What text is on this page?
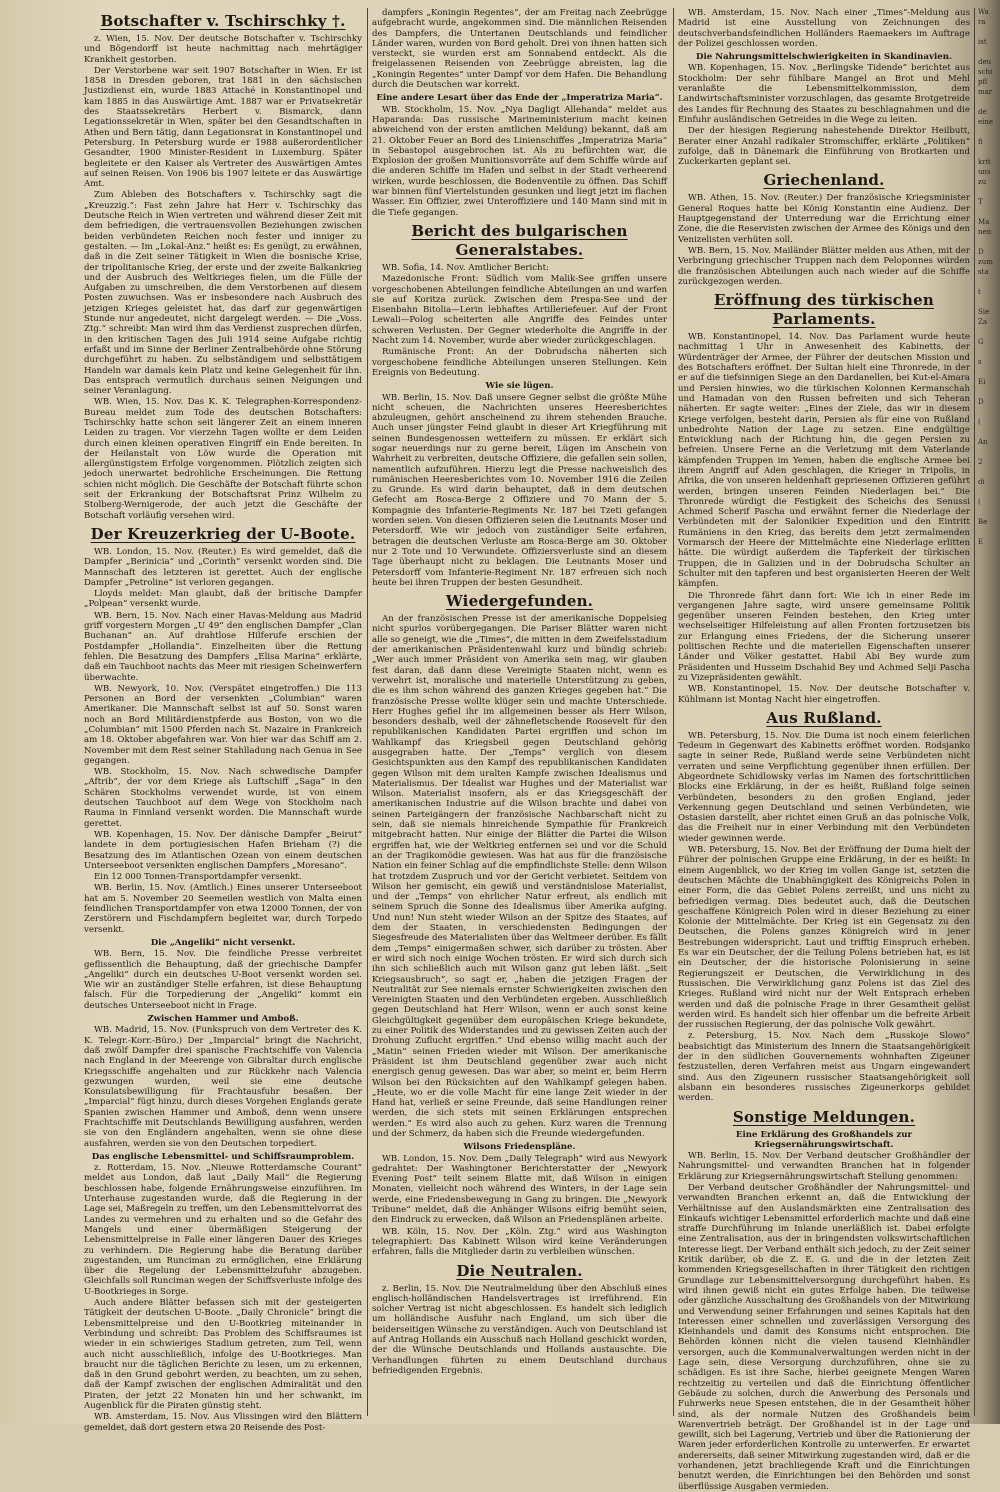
Botschafter v. Tschirschky †.

z. Wien, 15. Nov. Der deutsche Botschafter v. Tschirschky und Bögendorff ist heute nachmittag nach mehrtägiger Krankheit gestorben.

Der Verstorbene war seit 1907 Botschafter in Wien. Er ist 1858 in Dresden geboren, trat 1881 in den sächsischen Justizdienst ein, wurde 1883 Attaché in Konstantinopel und kam 1885 in das Auswärtige Amt. 1887 war er Privatsekretär des Staatssekretärs Herbert v. Bismarck, dann Legationssekretär in Wien, später bei den Gesandtschaften in Athen und Bern tätig, dann Legationsrat in Konstantinopel und Petersburg. In Petersburg wurde er 1988 außerordentlicher Gesandter, 1900 Minister-Resident in Luxemburg. Später begleitete er den Kaiser als Vertreter des Auswärtigen Amtes auf seinen Reisen. Von 1906 bis 1907 leitete er das Auswärtige Amt.

Zum Ableben des Botschafters v. Tschirschky sagt die „Kreuzzig.“: Fast zehn Jahre hat Herr v. Tschirschky das Deutsche Reich in Wien vertreten und während dieser Zeit mit dem befriedigen, die vertrauensvollen Beziehungen zwischen beiden verbündeten Reichen noch fester und inniger zu gestalten. — Im „Lokal-Anz.“ heißt es: Es genügt, zu erwähnen, daß in die Zeit seiner Tätigkeit in Wien die bosnische Krise, der tripolitanische Krieg, der erste und der zweite Balkankrieg und der Ausbruch des Weltkrieges fielen, um die Fülle der Aufgaben zu umschreiben, die dem Verstorbenen auf diesem Posten zuwuchsen. Was er insbesondere nach Ausbruch des jetzigen Krieges geleistet hat, das darf zur gegenwärtigen Stunde nur angedeutet, nicht dargelegt werden. — Die „Voss. Ztg.“ schreibt: Man wird ihm das Verdienst zusprechen dürfen, in den kritischen Tagen des Juli 1914 seine Aufgabe richtig erfaßt und im Sinne der Berliner Zentralbehörde ohne Störung durchgeführt zu haben. Zu selbständigem und selbsttätigem Handeln war damals kein Platz und keine Gelegenheit für ihn. Das entsprach vermutlich durchaus seinen Neigungen und seiner Veranlagung.

WB. Wien, 15. Nov. Das K. K. Telegraphen-Korrespondenz-Bureau meldet zum Tode des deutschen Botschafters: Tschirschky hatte schon seit längerer Zeit an einem inneren Leiden zu tragen. Vor vierzehn Tagen wollte er dem Leiden durch einen kleinen operativen Eingriff ein Ende bereiten. In der Heilanstalt von Löw wurde die Operation mit allergünstigstem Erfolge vorgenommen. Plötzlich zeigten sich jedoch unerwartet bedrohliche Erscheinungen. Die Rettung schien nicht möglich. Die Geschäfte der Botschaft führte schon seit der Erkrankung der Botschaftsrat Prinz Wilhelm zu Stolberg-Wernigerode, der auch jetzt die Geschäfte der Botschaft vorläufig versehen wird.

Der Kreuzerkrieg der U-Boote.

WB. London, 15. Nov. (Reuter.) Es wird gemeldet, daß die Dampfer „Berinicia“ und „Corinth“ versenkt worden sind. Die Mannschaft des letzteren ist gerettet. Auch der englische Dampfer „Petroline“ ist verloren gegangen.

Lloyds meldet: Man glaubt, daß der britische Dampfer „Polpean“ versenkt wurde.

WB. Bern, 15. Nov. Nach einer Havas-Meldung aus Madrid griff vorgestern Morgen „U 49“ den englischen Dampfer „Clan Buchanan“ an. Auf drahtlose Hilferufe erschien der Postdampfer „Hollandia“. Einzelheiten über die Rettung fehlen. Die Besatzung des Dampfers „Elisa Marina“ erklärte, daß ein Tauchboot nachts das Meer mit riesigen Scheinwerfern überwachte.

WB. Newyork, 10. Nov. (Verspätet eingetroffen.) Die 113 Personen an Bord der versenkten „Columbian“ waren Amerikaner. Die Mannschaft selbst ist auf 50. Sonst waren noch an Bord Militärdienstpferde aus Boston, von wo die „Columbian“ mit 1500 Pferden nach St. Nazaire in Frankreich am 18. Oktober abgefahren war. Von hier war das Schiff am 2. November mit dem Rest seiner Stahlladung nach Genua in See gegangen.

WB. Stockholm, 15. Nov. Nach schwedische Dampfer „Aftrib“, der vor dem Kriege als Luftschiff „Saga“ in den Schären Stockholms verwendet wurde, ist von einem deutschen Tauchboot auf dem Wege von Stockholm nach Rauma in Finnland versenkt worden. Die Mannschaft wurde gerettet.

WB. Kopenhagen, 15. Nov. Der dänische Dampfer „Beirut“ landete in dem portugiesischen Hafen Brieham (?) die Besatzung des im Atlantischen Ozean von einem deutschen Unterseeboot versenkten englischen Dampfers „Moresano“.

Ein 12 000 Tonnen-Transportdampfer versenkt.

WB. Berlin, 15. Nov. (Amtlich.) Eines unserer Unterseeboot hat am 5. November 20 Seemeilen westlich von Malta einen feindlichen Transportdampfer von etwa 12000 Tonnen, der von Zerstörern und Fischdampfern begleitet war, durch Torpedo versenkt.

Die „Angeliki“ nicht versenkt.

WB. Bern, 15. Nov. Die feindliche Presse verbreitet geflissentlich die Behauptung, daß der griechische Dampfer „Angeliki“ durch ein deutsches U-Boot versenkt worden sei. Wie wir an zuständiger Stelle erfahren, ist diese Behauptung falsch. Für die Torpedierung der „Angeliki“ kommt ein deutsches Unterseeboot nicht in Frage.

Zwischen Hammer und Amboß.

WB. Madrid, 15. Nov. (Funkspruch von dem Vertreter des K. K. Telegr.-Korr.-Büro.) Der „Imparcial“ bringt die Nachricht, daß zwölf Dampfer drei spanische Frachtschiffe von Valencia nach England in der Meerenge von Gibraltar durch englische Kriegsschiffe angehalten und zur Rückkehr nach Valencia gezwungen wurden, weil sie eine deutsche Konsulatsbewilligung für Frachtausfuhr besaßen. Der „Imparcial“ fügt hinzu, durch dieses Vorgehen Englands gerate Spanien zwischen Hammer und Amboß, denn wenn unsere Frachtschiffe mit Deutschlands Bewilligung ausfahren, werden sie von den Engländern angehalten, wenn sie ohne diese ausfahren, werden sie von den Deutschen torpediert.

Das englische Lebensmittel- und Schiffsraumproblem.

z. Rotterdam, 15. Nov. „Nieuwe Rotterdamsche Courant“ meldet aus London, daß laut „Daily Mail“ die Regierung beschlossen habe, folgende Ernährungsweise einzuführen. Im Unterhause zugestanden wurde, daß die Regierung in der Lage sei, Maßregeln zu treffen, um den Lebensmittelvorrat des Landes zu vermehren und zu erhalten und so die Gefahr des Mangels und einer übermäßigen Steigerung der Lebensmittelpreise in Falle einer längeren Dauer des Krieges zu verhindern. Die Regierung habe die Beratung darüber zugestanden, um Runciman zu ermöglichen, eine Erklärung über die Regelung der Lebensmittelzufuhr abzugeben. Gleichfalls soll Runciman wegen der Schiffsverluste infolge des U-Bootkrieges in Sorge.

Auch andere Blätter befassen sich mit der gesteigerten Tätigkeit der deutschen U-Boote. „Daily Chronicle“ bringt die Lebensmittelpreise und den U-Bootkrieg miteinander in Verbindung und schreibt: Das Problem des Schiffsraumes ist wieder in ein schwieriges Stadium getreten, zum Teil, wenn auch nicht ausschließlich, infolge des U-Bootkrieges. Man braucht nur die täglichen Berichte zu lesen, um zu erkennen, daß in den Grund gebohrt werden, zu beachten, um zu sehen, daß der Kampf zwischen der englischen Admiralität und den Piraten, der jetzt 22 Monaten hin und her schwankt, im Augenblick für die Piraten günstig steht.

WB. Amsterdam, 15. Nov. Aus Vlissingen wird den Blättern gemeldet, daß dort gestern etwa 20 Reisende des Post-

dampfers „Koningin Regentes“, der am Freitag nach Zeebrügge aufgebracht wurde, angekommen sind. Die männlichen Reisenden des Dampfers, die Untertanen Deutschlands und feindlicher Länder waren, wurden von Bord geholt. Drei von ihnen hatten sich versteckt, sie wurden erst am Sonnabend entdeckt. Als die freigelassenen Reisenden von Zeebrügge abreisten, lag die „Koningin Regentes“ unter Dampf vor dem Hafen. Die Behandlung durch die Deutschen war korrekt.

Eine andere Lesart über das Ende der „Imperatriza Maria“.

WB. Stockholm, 15. Nov. „Nya Dagligt Allehanda“ meldet aus Haparanda: Das russische Marineministerium macht keinen abweichend von der ersten amtlichen Meldung) bekannt, daß am 21. Oktober Feuer an Bord des Linienschiffes „Imperatriza Maria“ in Sebastopol ausgebrochen ist. Als zu befürchten war, die Explosion der großen Munitionsvorräte auf dem Schiffe würde auf die anderen Schiffe im Hafen und selbst in der Stadt verheerend wirken, wurde beschlossen, die Bodenventile zu öffnen. Das Schiff war binnen fünf Viertelstunden gesunken und liegt jetzt im flachen Wasser. Ein Offizier, zwei Unteroffiziere und 140 Mann sind mit in die Tiefe gegangen.

Bericht des bulgarischen Generalstabes.

WB. Sofia, 14. Nov. Amtlicher Bericht:

Mazedonische Front: Südlich vom Malik-See griffen unsere vorgeschobenen Abteilungen feindliche Abteilungen an und warfen sie auf Koritza zurück. Zwischen dem Prespa-See und der Eisenbahn Bitolia—Lerin lebhaftes Artilleriefeuer. Auf der Front Lewali—Polog scheiterten alle Angriffe des Feindes unter schweren Verlusten. Der Gegner wiederholte die Angriffe in der Nacht zum 14. November, wurde aber wieder zurückgeschlagen.

Rumänische Front: An der Dobrudscha näherten sich vorgeschobene feindliche Abteilungen unseren Stellungen. Kein Ereignis von Bedeutung.

Wie sie lügen.

WB. Berlin, 15. Nov. Daß unsere Gegner selbst die größte Mühe nicht scheuen, die Nachrichten unseres Heeresberichtes abzuleugnen, gehört anscheinend zu ihrem stehenden Brauche. Auch unser jüngster Feind glaubt in dieser Art Kriegführung mit seinen Bundesgenossen wetteifern zu müssen. Er erklärt sich sogar neuerdings nur zu gerne bereit, Lügen im Anschein von Wahrheit zu verbreiten, deutsche Offiziere, die gefallen sein sollen, namentlich aufzuführen. Hierzu legt die Presse nachweislich des rumänischen Heeresberichtes vom 10. November 1916 die Zeilen zu Grunde. Es wird darin behauptet, daß in dem deutschen Gefecht am Rosca-Berge 2 Offiziere und 70 Mann der 5. Kompagnie des Infanterie-Regiments Nr. 187 bei Tzeti gefangen worden seien. Von diesen Offizieren seien die Leutnants Moser und Petersdorff. Wie wir jedoch von zuständiger Seite erfahren, betragen die deutschen Verluste am Rosca-Berge am 30. Oktober nur 2 Tote und 10 Verwundete. Offiziersverluste sind an diesem Tage überhaupt nicht zu beklagen. Die Leutnants Moser und Petersdorff vom Infanterie-Regiment Nr. 187 erfreuen sich noch heute bei ihren Truppen der besten Gesundheit.

Wiedergefunden.

An der französischen Presse ist der amerikanische Doppelsieg nicht spurlos vorübergegangen. Die Pariser Blätter waren nicht alle so geneigt, wie die „Times“, die mitten in dem Zweifelsstadium der amerikanischen Präsidentenwahl kurz und bündig schrieb: „Wer auch immer Präsident von Amerika sein mag, wir glauben fest daran, daß dann diese Vereinigte Staaten nicht, wenn es verwehrt ist, moralische und materielle Unterstützung zu geben, die es ihm schon während des ganzen Krieges gegeben hat.“ Die französische Presse wollte klüger sein und machte Unterschiede. Herr Hughes gefiel ihr im allgemeinen besser als Herr Wilson, besonders deshalb, weil der zähnefletschende Roosevelt für den republikanischen Kandidaten Partei ergriffen und schon im Wahlkampf das Kriegsbeil gegen Deutschland gehörig ausgegraben hatte. Der „Temps“ verglich von diesem Gesichtspunkten aus den Kampf des republikanischen Kandidaten gegen Wilson mit dem uralten Kampfe zwischen Idealismus und Materialismus. Der Idealist war Hughes und der Materialist war Wilson. Materialist insofern, als er das Kriegsgeschäft der amerikanischen Industrie auf die Wilson brachte und dabei von seinen Parteigängern der französische Nachbarschaft nicht zu sein, daß sie niemals hinreichende Sympathie für Frankreich mitgebracht hatten. Nur einige der Blätter die Partei die Wilson ergriffen hat, wie der Weltkrieg entfernen sei und vor die Schuld an der Tragikomödie gewiesen. Was hat aus für die französische Nation ein feiner Schlag auf die empfindlichste Stelle: denn Wilson hat trotzdem Zuspruch und vor der Gericht verbietet. Seitdem von Wilson her gemischt, ein gewiß und verständnislose Materialist, und der „Temps“ von ehrlicher Natur erfreut, als endlich mit seinem Spruch die Sonne des Idealismus über Amerika aufging. Und nun! Nun steht wieder Wilson an der Spitze des Staates, auf dem der Staaten, in verschiedensten Bedingungen der Siegesfreude des Materialisten über das Weltmeer derüber. Es fällt dem „Temps“ einigermaßen schwer, sich darüber zu trösten. Aber er wird sich noch einige Wochen trösten. Er wird sich durch sich ihn sich schließlich auch mit Wilson ganz gut leben läßt. „Seit Kriegsausbruch“, so sagt er, „haben die jetzigen Fragen der Neutralität zur See niemals ernster Schwierigkeiten zwischen den Vereinigten Staaten und den Verbündeten ergeben. Ausschließlich gegen Deutschland hat Herr Wilson, wenn er auch sonst keine Gleichgültigkeit gegenüber dem europäischen Kriege bekundete, zu einer Politik des Widerstandes und zu gewissen Zeiten auch der Drohung Zuflucht ergriffen.“ Und ebenso willig macht auch der „Matin“ seinen Frieden wieder mit Wilson. Der amerikanische Präsident ist ihm Deutschland gegenüber zwar auch nicht energisch genug gewesen. Das war aber, so meint er, beim Herrn Wilson bei den Rücksichten auf den Wahlkampf gelegen haben. „Heute, wo er die volle Macht für eine lange Zeit wieder in der Hand hat, verließ er seine Freunde, daß seine Handlungen reiner werden, die sich stets mit seinen Erklärungen entsprechen werden.“ Es wird also auch zu gehen. Kurz waren die Trennung und der Schmerz, da haben sich die Freunde wiedergefunden.

Wilsons Friedenspläne.

WB. London, 15. Nov. Dem „Daily Telegraph“ wird aus Newyork gedrahtet: Der Washingtoner Berichterstatter der „Newyork Evening Post“ teilt seinem Blatte mit, daß Wilson in einigen Monaten, vielleicht noch während des Winters, in der Lage sein werde, eine Friedensbewegung in Gang zu bringen. Die „Newyork Tribune“ meldet, daß die Anhänger Wilsons eifrig bemüht seien, den Eindruck zu erwecken, daß Wilson an Friedensplänen arbeite.

WB. Köln, 15. Nov. Der „Köln. Ztg.“ wird aus Washington telegraphiert: Das Kabinett Wilson wird keine Veränderungen erfahren, falls die Mitglieder darin zu verbleiben wünschen.

Die Neutralen.

z. Berlin, 15. Nov. Die Neutralmeldung über den Abschluß eines englisch-holländischen Handelsvertrages ist irreführend. Ein solcher Vertrag ist nicht abgeschlossen. Es handelt sich lediglich um holländische Ausfuhr nach England, um sich über die beiderseitigen Wünsche zu verständigen. Auch von Deutschland ist auf Antrag Hollands ein Ausschuß nach Holland geschickt worden, der die Wünsche Deutschlands und Hollands austauschte. Die Verhandlungen führten zu einem Deutschland durchaus befriedigenden Ergebnis.

WB. Amsterdam, 15. Nov. Nach einer „Times“-Meldung aus Madrid ist eine Ausstellung von Zeichnungen des deutschverbandsfeindlichen Holländers Raemaekers im Auftrage der Polizei geschlossen worden.

Die Nahrungsmittelschwierigkeiten in Skandinavien.

WB. Kopenhagen, 15. Nov. „Berlingske Tidende“ berichtet aus Stockholm: Der sehr fühlbare Mangel an Brot und Mehl veranlaßte die Lebensmittelkommission, dem Landwirtschaftsminister vorzuschlagen, das gesamte Brotgetreide des Landes für Rechnung des Staates zu beschlagnahmen und die Einfuhr ausländischen Getreides in die Wege zu leiten.

Der der hiesigen Regierung nahestehende Direktor Heilbutt, Berater einer Anzahl radikaler Stromschiffer, erklärte „Politiken“ zufolge, daß in Dänemark die Einführung von Brotkarten und Zuckerkarten geplant sei.

Griechenland.

WB. Athen, 15. Nov. (Reuter.) Der französische Kriegsminister General Roques hatte bei König Konstantin eine Audienz. Der Hauptgegenstand der Unterredung war die Errichtung einer Zone, die die Reservisten zwischen der Armee des Königs und den Venizelisten verhüten soll.

WB. Bern, 15. Nov. Mailänder Blätter melden aus Athen, mit der Verbringung griechischer Truppen nach dem Peloponnes würden die französischen Abteilungen auch nach wieder auf die Schiffe zurückgezogen werden.

Eröffnung des türkischen Parlaments.

WB. Konstantinopel, 14. Nov. Das Parlament wurde heute nachmittag 1 Uhr in Anwesenheit des Kabinetts, der Würdenträger der Armee, der Führer der deutschen Mission und des Botschafters eröffnet. Der Sultan hielt eine Thronrede, in der er auf die tiefsinnigen Siege an den Dardanellen, bei Kut-el-Amara und Persien hinwies, wo die türkischen Kolonnen Kermanschah und Hamadan von den Russen befreiten und sich Teheran näherten. Er sagte weiter: „Eines der Ziele, das wir in diesem Kriege verfolgen, besteht darin, Persien als für eine von Rußland unbedrohte Nation der Lage zu setzen. Eine endgültige Entwicklung nach der Richtung hin, die gegen Persien zu befreien. Unsere Ferne an die Verletzung mit dem Vaterlande kämpfenden Truppen im Yemen, haben die englische Armee bei ihrem Angriff auf Aden geschlagen, die Krieger in Tripolis, in Afrika, die von unseren heldenhaft gepriesenen Offizieren geführt werden, bringen unseren Feinden Niederlagen bei.“ Die Thronrede würdigt die Festigkeit des Scheichs des Senussi Achmed Scherif Pascha und erwähnt ferner die Niederlage der Verbündeten mit der Salonikier Expedition und den Eintritt Rumäniens in den Krieg, das bereits dem jetzt zermalmenden Vormarsch der Heere der Mittelmächte eine Niederlage erlitten hätte. Die würdigt außerdem die Tapferkeit der türkischen Truppen, die in Galizien und in der Dobrudscha Schulter an Schulter mit den tapferen und best organisierten Heeren der Welt kämpfen.

Die Thronrede fährt dann fort: Wie ich in einer Rede im vergangenen Jahre sagte, wird unsere gemeinsame Politik gegenüber unseren Feinden bestehen, den Krieg unter wechselseitiger Hilfeleistung auf allen Fronten fortzusetzen bis zur Erlangung eines Friedens, der die Sicherung unserer politischen Rechte und die materiellen Eigenschaften unserer Länder und Völker gestattet. Habil Abi Bey wurde zum Präsidenten und Husseim Dschahid Bey und Achmed Selji Pascha zu Vizepräsidenten gewählt.

WB. Konstantinopel, 15. Nov. Der deutsche Botschafter v. Kühlmann ist Montag Nacht hier eingetroffen.

Aus Rußland.

WB. Petersburg, 15. Nov. Die Duma ist noch einem feierlichen Tedeum in Gegenwart des Kabinetts eröffnet worden. Rodsjanko sagte in seiner Rede, Rußland werde seine Verbündeten nicht verraten und seine Verpflichtung gegenüber ihnen erfüllen. Der Abgeordnete Schidlowsky verlas im Namen des fortschrittlichen Blocks eine Erklärung, in der es heißt, Rußland folge seinen Verbündeten, besonders zu den großen England, jeder Verkennung gegen Deutschland und seinen Verbündeten, wie Ostasien darstellt, aber richtet einen Gruß an das polnische Volk, das die Freiheit nur in einer Verbindung mit den Verbündeten wieder gewinnen werde.

WB. Petersburg, 15. Nov. Bei der Eröffnung der Duma hielt der Führer der polnischen Gruppe eine Erklärung, in der es heißt: In einem Augenblick, wo der Krieg im vollen Gange ist, setzten die deutschen Mächte die Unabhängigkeit des Königreichs Polen in einer Form, die das Gebiet Polens zerreißt, und uns nicht zu befriedigen vermag. Dies bedeutet auch, daß die Deutschen geschaffene Königreich Polen wird in dieser Beziehung zu einer Kolonie der Mittelmächte. Der Krieg ist ein Gegensatz zu den Deutschen, die Polens ganzes Königreich wird in jener Bestrebungen widerspricht. Laut und trifftig Einspruch erheben. Es war ein Deutscher, der die Teilung Polens betrieben hat, es ist ein Deutscher, der die historische Polonisierung in seine Regierungszeit er Deutschen, die Verwirklichung in des Russischen. Die Verwirklichung ganz Polens ist das Ziel des Krieges. Rußland wird nicht nur der Welt Entsprach erheben werden und daß die polnische Frage in ihrer Gesamtheit gelöst werden wird. Es handelt sich hier offenbar um die befreite Arbeit der russischen Regierung, der das polnische Volk gewährt.

z. Petersburg, 15. Nov. Nach dem „Russkoje Slowo“ beabsichtigt das Ministerium des Innern die Staatsangehörigkeit der in den südlichen Gouvernements wohnhaften Zigeuner festzustellen, deren Verfahren meist aus Ungarn eingewandert sind. Aus den Zigeunern russischer Staatsangehörigkeit soll alsbann ein besonderes russisches Zigeunerkorps gebildet werden.

Sonstige Meldungen.
Eine Erklärung des Großhandels zur Kriegsernährungswirtschaft.

WB. Berlin, 15. Nov. Der Verband deutscher Großhändler der Nahrungsmittel- und verwandten Branchen hat in folgender Erklärung zur Kriegsernährungswirtschaft Stellung genommen:

Der Verband deutscher Großhändler der Nahrungsmittel- und verwandten Branchen erkennt an, daß die Entwicklung der Verhältnisse auf den Auslandsmärkten eine Zentralisation des Einkaufs wichtiger Lebensmittel erforderlich machte und daß eine straffe Durchführung im Inlande unerläßlich ist. Dabei erfolgte eine Zentralisation, aus der in bringendsten volkswirtschaftlichen Interesse liegt. Der Verband enthält sich jedoch, zu der Zeit seiner Kritik darüber, ob die Z. E. G. und die in der letzten Zeit kommenden Kriegsgesellschaften in ihrer Tätigkeit den richtigen Grundlage zur Lebensmittelversorgung durchgeführt haben. Es wird ihnen gewiß nicht ein gutes Erfolge haben. Die teilweise oder gänzliche Ausschaltung des Großhandels von der Mitwirkung und Verwendung seiner Erfahrungen und seines Kapitals hat den Interessen einer schnellen und zuverlässigen Versorgung des Kleinhandels und damit des Konsums nicht entsprochen. Die Behörden können nicht die vielen tausend Kleinhändler versorgen, auch die Kommunalverwaltungen werden nicht in der Lage sein, diese Versorgung durchzuführen, ohne sie zu schädigen. Es ist ihre Sache, hierbei geeignete Mengen Waren rechtzeitig zu verteilen und daß die Einrichtung öffentlicher Gebäude zu solchen, durch die Anwerbung des Personals und Fuhrwerks neue Spesen entstehen, die in der Gesamtheit höher sind, als der normale Nutzen des Großhandels beim Warenvertrieb beträgt. Der Großhandel ist in der Lage und gewillt, sich bei Lagerung, Vertrieb und über die Rationierung der Waren jeder erforderlichen Kontrolle zu unterwerfen. Er erwartet andererseits, daß seiner Mitwirkung zugestanden wird, daß er die vorhandenen, jetzt brachliegende Kraft und die Einrichtungen benutzt werden, die Einrichtungen bei den Behörden und sonst überflüssige Ausgaben vermieden.

Wa

ra

ist

deu

schi

pfl

mar

de

eine

fi

krit

uns

zu

T

Ma

nen

D

zum

sta

t

Sie

Za

G

s

Ei

D

(

An

2

di

(

Be

E
